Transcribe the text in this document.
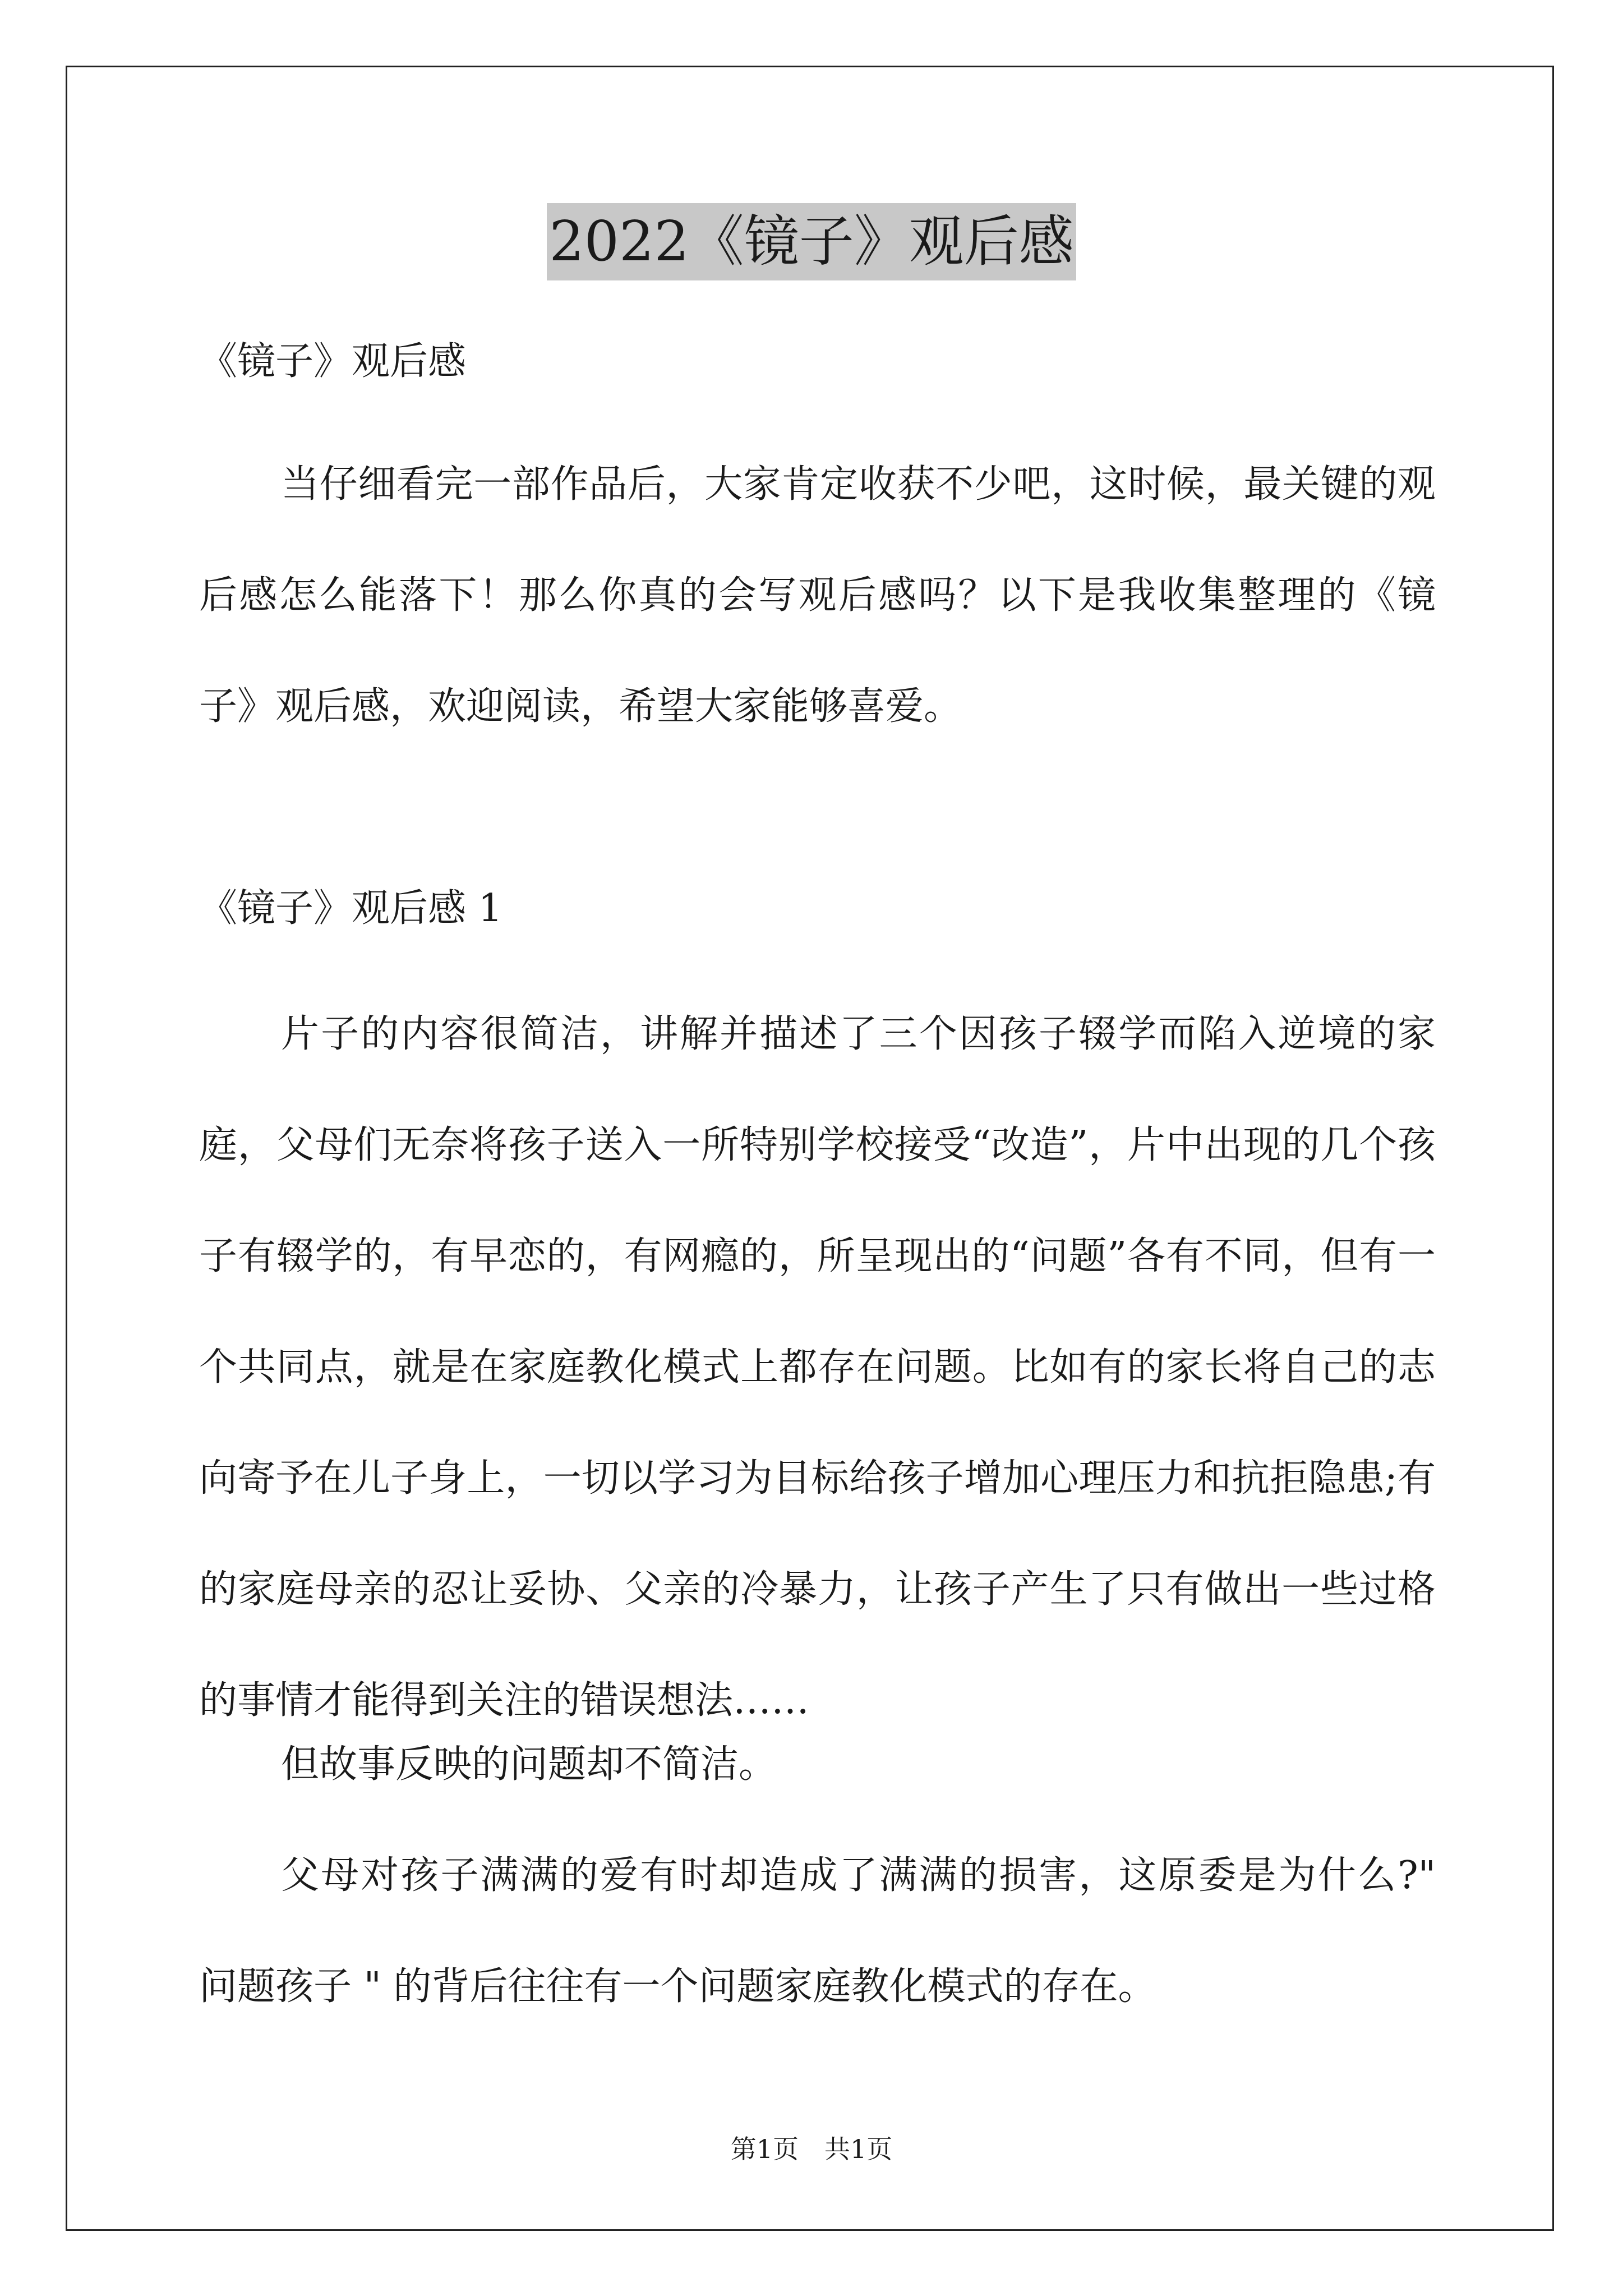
2022《镜子》观后感
《镜子》观后感

当仔细看完一部作品后，大家肯定收获不少吧，这时候，最关键的观后感怎么能落下！那么你真的会写观后感吗？以下是我收集整理的《镜子》观后感，欢迎阅读，希望大家能够喜爱。

《镜子》观后感 1

片子的内容很简洁，讲解并描述了三个因孩子辍学而陷入逆境的家庭，父母们无奈将孩子送入一所特别学校接受“改造”，片中出现的几个孩子有辍学的，有早恋的，有网瘾的，所呈现出的“问题”各有不同，但有一个共同点，就是在家庭教化模式上都存在问题。比如有的家长将自己的志向寄予在儿子身上，一切以学习为目标给孩子增加心理压力和抗拒隐患;有的家庭母亲的忍让妥协、父亲的冷暴力，让孩子产生了只有做出一些过格的事情才能得到关注的错误想法……

但故事反映的问题却不简洁。

父母对孩子满满的爱有时却造成了满满的损害，这原委是为什么?" 问题孩子 " 的背后往往有一个问题家庭教化模式的存在。

第1页　共1页
